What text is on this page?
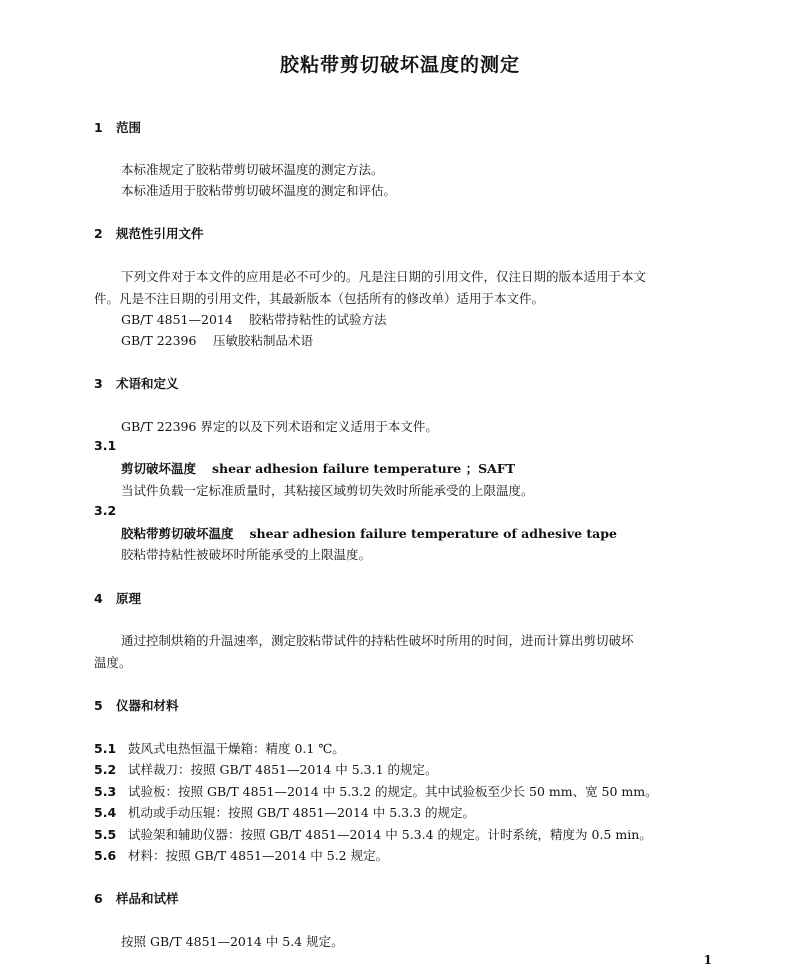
胶粘带剪切破坏温度的测定
1 范围
本标准规定了胶粘带剪切破坏温度的测定方法。
本标准适用于胶粘带剪切破坏温度的测定和评估。
2 规范性引用文件
下列文件对于本文件的应用是必不可少的。凡是注日期的引用文件，仅注日期的版本适用于本文
件。凡是不注日期的引用文件，其最新版本（包括所有的修改单）适用于本文件。
GB/T 4851—2014 胶粘带持粘性的试验方法
GB/T 22396 压敏胶粘制品术语
3 术语和定义
GB/T 22396 界定的以及下列术语和定义适用于本文件。
3.1
剪切破坏温度 shear adhesion failure temperature ；SAFT
当试件负载一定标准质量时，其粘接区域剪切失效时所能承受的上限温度。
3.2
胶粘带剪切破坏温度 shear adhesion failure temperature of adhesive tape
胶粘带持粘性被破坏时所能承受的上限温度。
4 原理
通过控制烘箱的升温速率，测定胶粘带试件的持粘性破坏时所用的时间，进而计算出剪切破坏
温度。
5 仪器和材料
5.1 鼓风式电热恒温干燥箱：精度 0.1 ℃。
5.2 试样裁刀：按照 GB/T 4851—2014 中 5.3.1 的规定。
5.3 试验板：按照 GB/T 4851—2014 中 5.3.2 的规定。其中试验板至少长 50 mm、宽 50 mm。
5.4 机动或手动压辊：按照 GB/T 4851—2014 中 5.3.3 的规定。
5.5 试验架和辅助仪器：按照 GB/T 4851—2014 中 5.3.4 的规定。计时系统，精度为 0.5 min。
5.6 材料：按照 GB/T 4851—2014 中 5.2 规定。
6 样品和试样
按照 GB/T 4851—2014 中 5.4 规定。
1
